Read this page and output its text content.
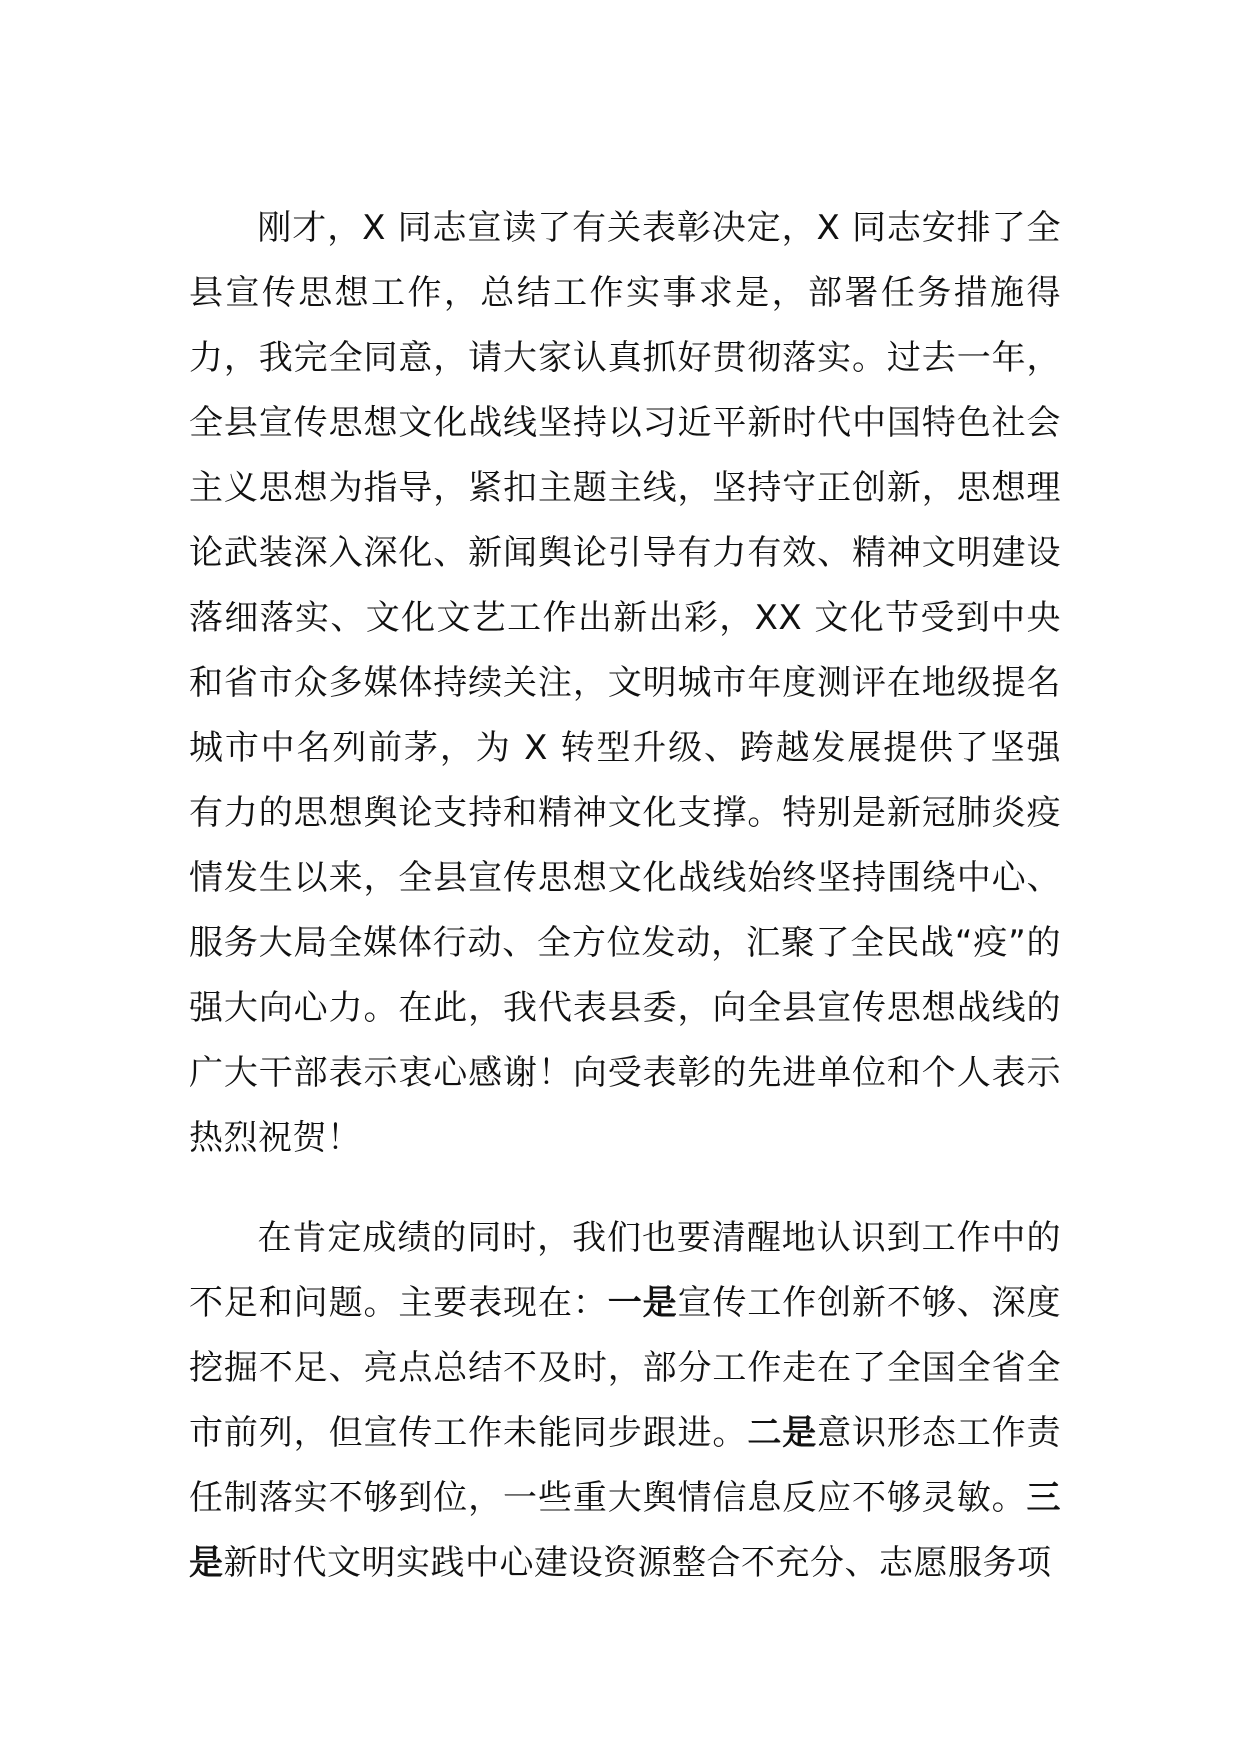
刚才，X 同志宣读了有关表彰决定，X 同志安排了全县宣传思想工作，总结工作实事求是，部署任务措施得力，我完全同意，请大家认真抓好贯彻落实。过去一年，全县宣传思想文化战线坚持以习近平新时代中国特色社会主义思想为指导，紧扣主题主线，坚持守正创新，思想理论武装深入深化、新闻舆论引导有力有效、精神文明建设落细落实、文化文艺工作出新出彩，XX 文化节受到中央和省市众多媒体持续关注，文明城市年度测评在地级提名城市中名列前茅，为 X 转型升级、跨越发展提供了坚强有力的思想舆论支持和精神文化支撑。特别是新冠肺炎疫情发生以来，全县宣传思想文化战线始终坚持围绕中心、服务大局全媒体行动、全方位发动，汇聚了全民战“疫”的强大向心力。在此，我代表县委，向全县宣传思想战线的广大干部表示衷心感谢！向受表彰的先进单位和个人表示热烈祝贺！

在肯定成绩的同时，我们也要清醒地认识到工作中的不足和问题。主要表现在：一是宣传工作创新不够、深度挖掘不足、亮点总结不及时，部分工作走在了全国全省全市前列，但宣传工作未能同步跟进。二是意识形态工作责任制落实不够到位，一些重大舆情信息反应不够灵敏。三是新时代文明实践中心建设资源整合不充分、志愿服务项
